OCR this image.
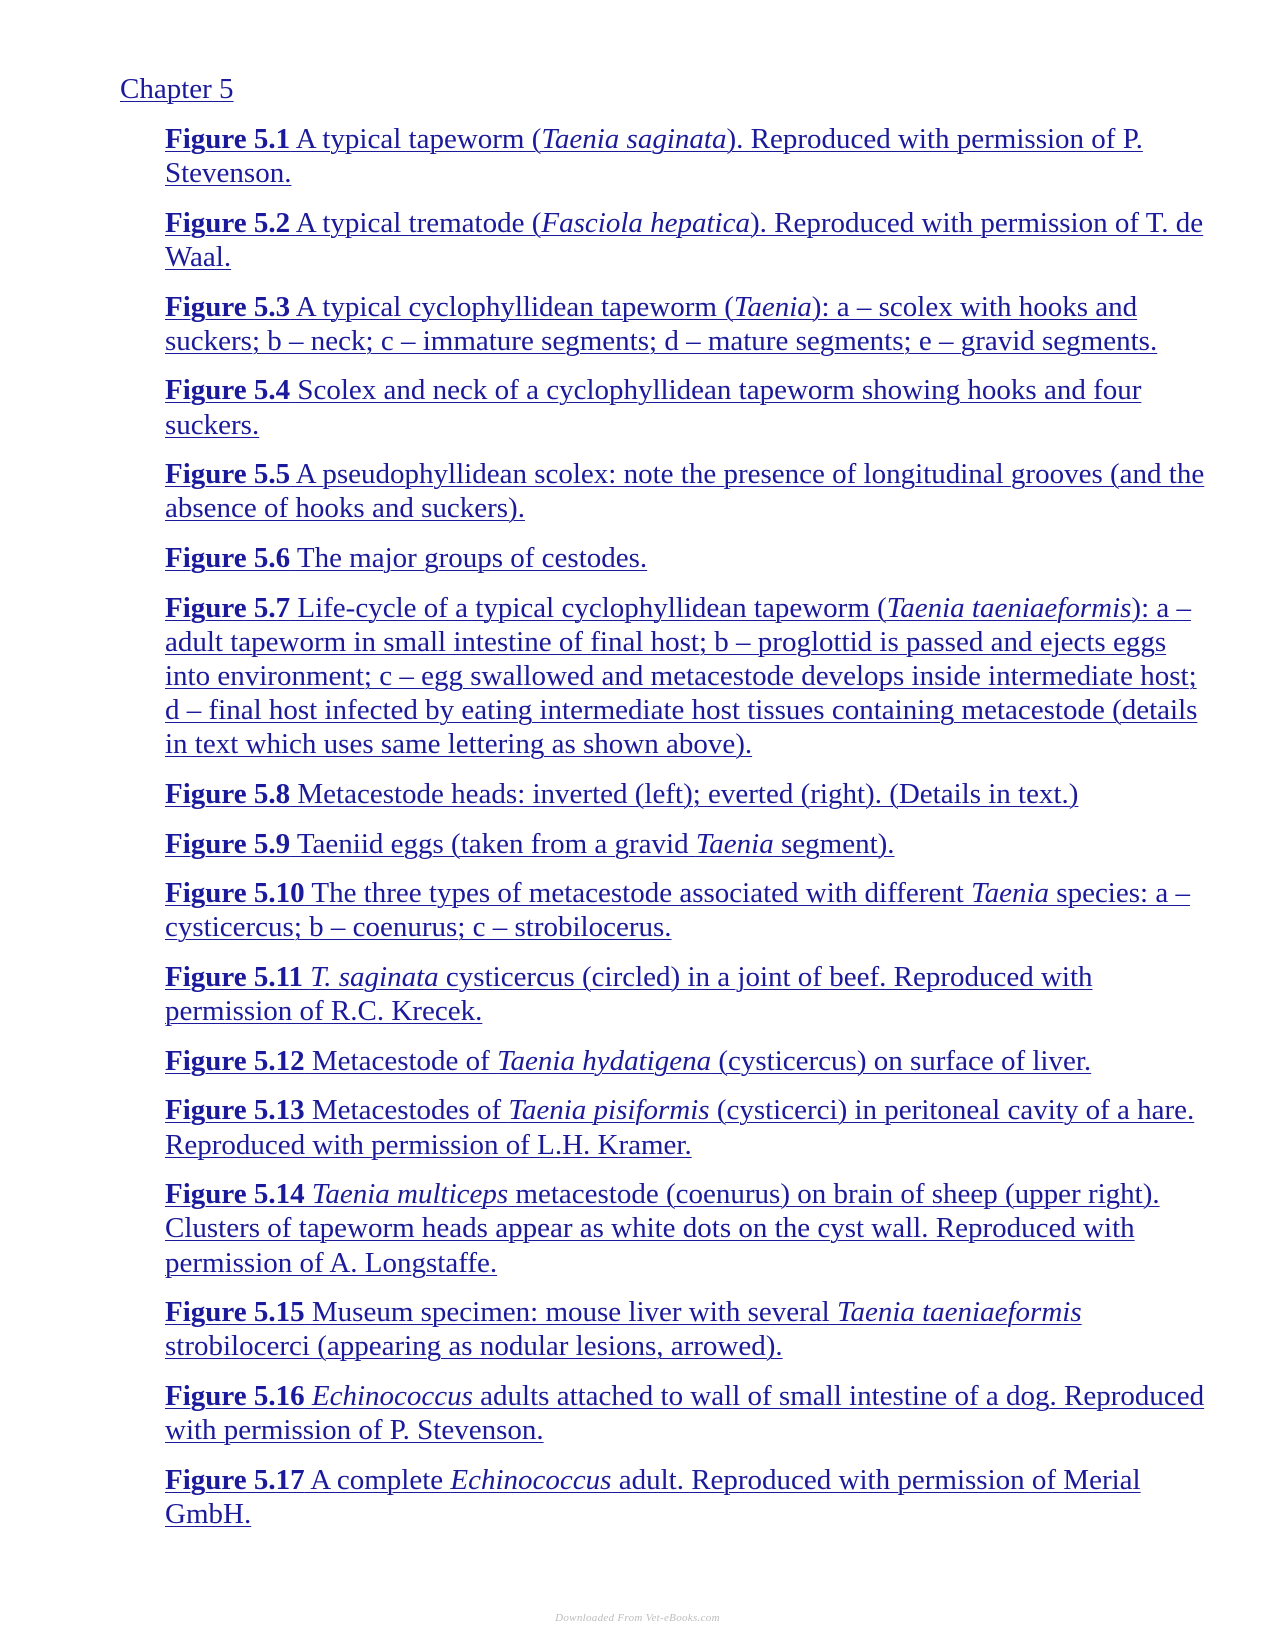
Chapter 5
Figure 5.1 A typical tapeworm (Taenia saginata). Reproduced with permission of P. Stevenson.
Figure 5.2 A typical trematode (Fasciola hepatica). Reproduced with permission of T. de Waal.
Figure 5.3 A typical cyclophyllidean tapeworm (Taenia): a – scolex with hooks and suckers; b – neck; c – immature segments; d – mature segments; e – gravid segments.
Figure 5.4 Scolex and neck of a cyclophyllidean tapeworm showing hooks and four suckers.
Figure 5.5 A pseudophyllidean scolex: note the presence of longitudinal grooves (and the absence of hooks and suckers).
Figure 5.6 The major groups of cestodes.
Figure 5.7 Life-cycle of a typical cyclophyllidean tapeworm (Taenia taeniaeformis): a – adult tapeworm in small intestine of final host; b – proglottid is passed and ejects eggs into environment; c – egg swallowed and metacestode develops inside intermediate host; d – final host infected by eating intermediate host tissues containing metacestode (details in text which uses same lettering as shown above).
Figure 5.8 Metacestode heads: inverted (left); everted (right). (Details in text.)
Figure 5.9 Taeniid eggs (taken from a gravid Taenia segment).
Figure 5.10 The three types of metacestode associated with different Taenia species: a – cysticercus; b – coenurus; c – strobilocerus.
Figure 5.11 T. saginata cysticercus (circled) in a joint of beef. Reproduced with permission of R.C. Krecek.
Figure 5.12 Metacestode of Taenia hydatigena (cysticercus) on surface of liver.
Figure 5.13 Metacestodes of Taenia pisiformis (cysticerci) in peritoneal cavity of a hare. Reproduced with permission of L.H. Kramer.
Figure 5.14 Taenia multiceps metacestode (coenurus) on brain of sheep (upper right). Clusters of tapeworm heads appear as white dots on the cyst wall. Reproduced with permission of A. Longstaffe.
Figure 5.15 Museum specimen: mouse liver with several Taenia taeniaeformis strobilocerci (appearing as nodular lesions, arrowed).
Figure 5.16 Echinococcus adults attached to wall of small intestine of a dog. Reproduced with permission of P. Stevenson.
Figure 5.17 A complete Echinococcus adult. Reproduced with permission of Merial GmbH.
Downloaded From Vet-eBooks.com
